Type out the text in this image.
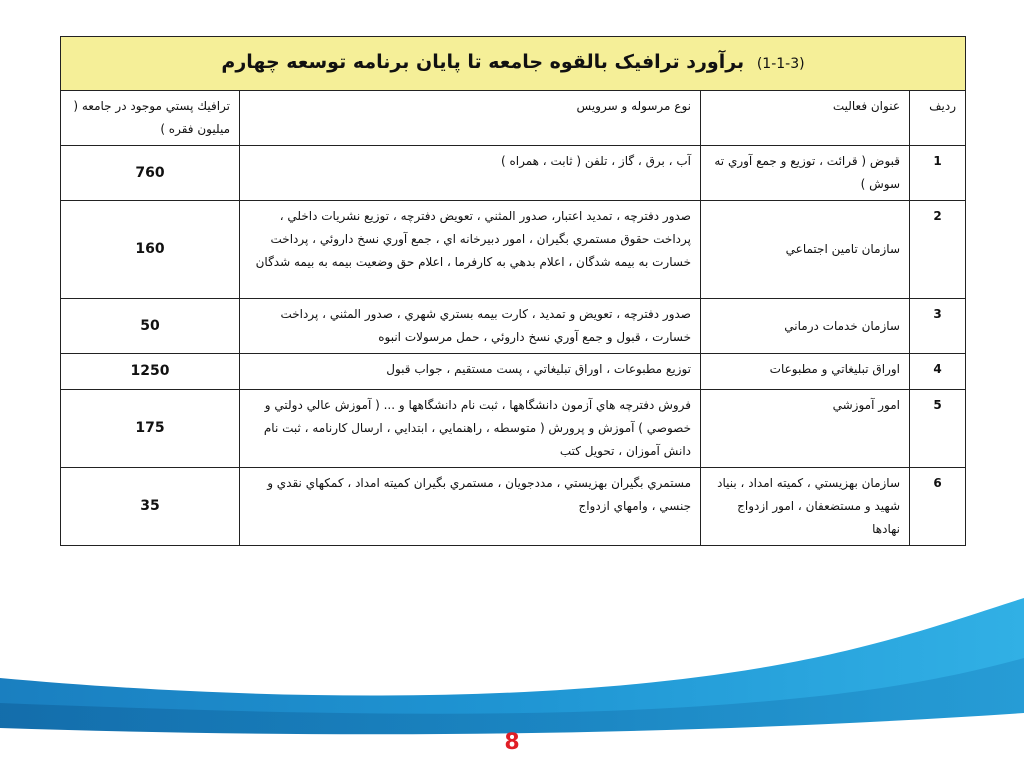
(1-1-3) برآورد ترافیک بالقوه جامعه تا پایان برنامه توسعه چهارم			
رديف	عنوان فعاليت	نوع مرسوله و سرويس	ترافيك پستي موجود در جامعه ( ميليون فقره )
1	قبوض ( قرائت ، توزيع و جمع آوري ته سوش )	آب ، برق ، گاز ، تلفن ( ثابت ، همراه )	760
2	سازمان تامين اجتماعي	صدور دفترچه ، تمديد اعتبار، صدور المثني ، تعويض دفترچه ، توزيع نشريات داخلي ، پرداخت حقوق مستمري بگيران ، امور دبيرخانه اي ، جمع آوري نسخ داروئي ، پرداخت خسارت به بيمه شدگان ، اعلام بدهي به كارفرما ، اعلام حق وضعيت بيمه به بيمه شدگان	160
3	سازمان خدمات درماني	صدور دفترچه ، تعويض و تمديد ، كارت بيمه بستري شهري ، صدور المثني ، پرداخت خسارت ، قبول و جمع آوري نسخ داروئي ، حمل مرسولات انبوه	50
4	اوراق تبليغاتي و مطبوعات	توزيع مطبوعات ، اوراق تبليغاتي ، پست مستقيم ، جواب قبول	1250
5	امور آموزشي	فروش دفترچه هاي آزمون دانشگاهها ، ثبت نام دانشگاهها و ... ( آموزش عالي دولتي و خصوصي ) آموزش و پرورش ( متوسطه ، راهنمايي ، ابتدايي ، ارسال كارنامه ، ثبت نام دانش آموزان ، تحويل كتب	175
6	سازمان بهزيستي ، كميته امداد ، بنياد شهيد و مستضعفان ، امور ازدواج نهادها	مستمري بگيران بهزيستي ، مددجويان ، مستمري بگيران كميته امداد ، كمكهاي نقدي و جنسي ، وامهاي ازدواج	35
8
